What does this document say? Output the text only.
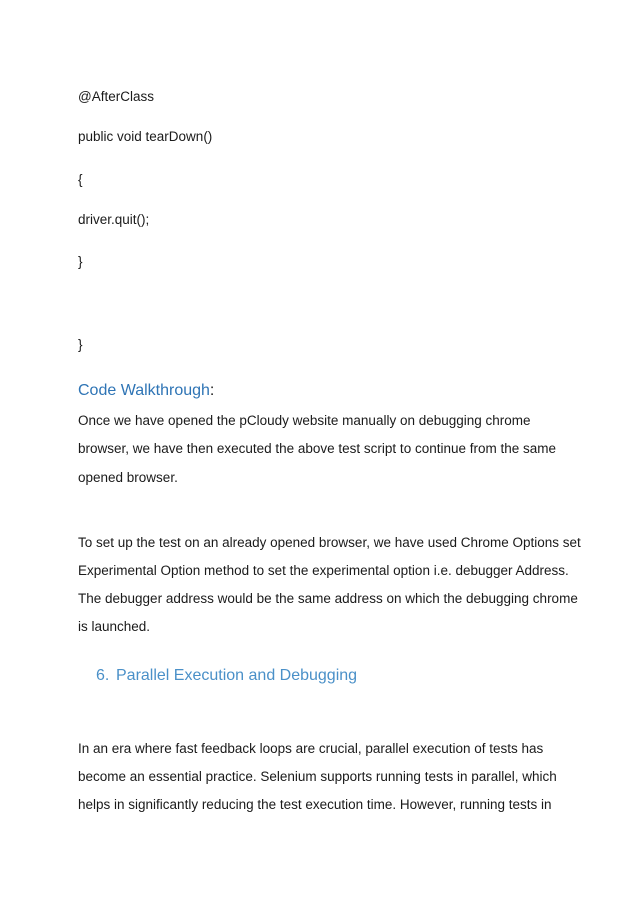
@AfterClass
public void tearDown()
{
driver.quit();
}
}
Code Walkthrough:
Once we have opened the pCloudy website manually on debugging chrome
browser, we have then executed the above test script to continue from the same
opened browser.
To set up the test on an already opened browser, we have used Chrome Options set
Experimental Option method to set the experimental option i.e. debugger Address.
The debugger address would be the same address on which the debugging chrome
is launched.
6. Parallel Execution and Debugging
In an era where fast feedback loops are crucial, parallel execution of tests has
become an essential practice. Selenium supports running tests in parallel, which
helps in significantly reducing the test execution time. However, running tests in
